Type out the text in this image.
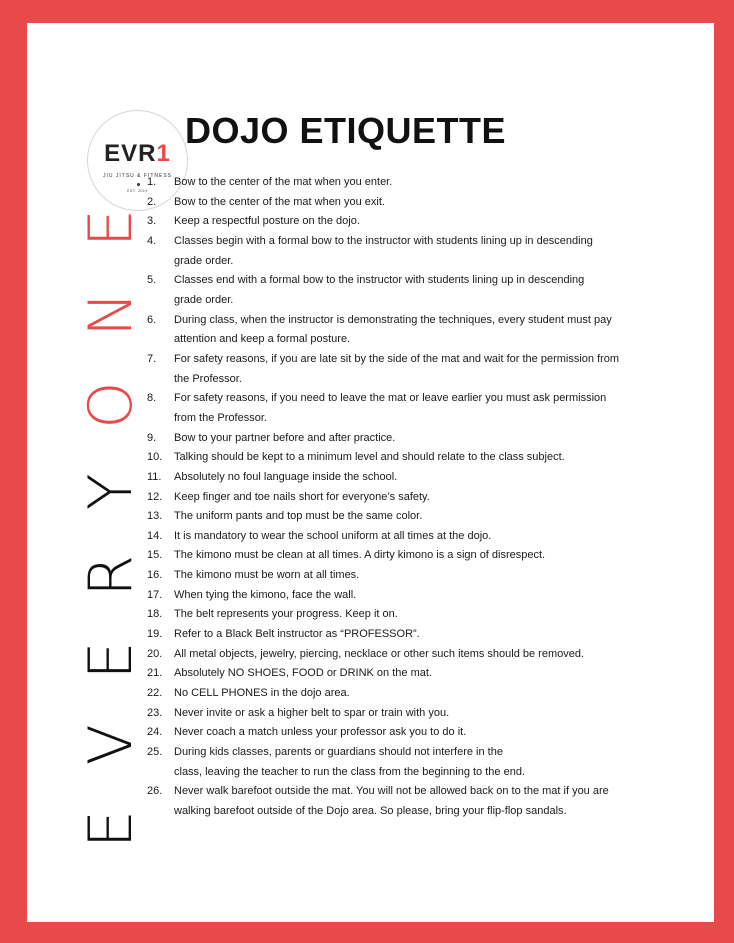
EVR1
JIU JITSU & FITNESS
EST. 2019
DOJO ETIQUETTE
E
V
E
R
Y
O
N
E
1.	Bow to the center of the mat when you enter.
2.	Bow to the center of the mat when you exit.
3.	Keep a respectful posture on the dojo.
4.	Classes begin with a formal bow to the instructor with students lining up in descending
grade order.
5.	Classes end with a formal bow to the instructor with students lining up in descending
grade order.
6.	During class, when the instructor is demonstrating the techniques, every student must pay
attention and keep a formal posture.
7.	For safety reasons, if you are late sit by the side of the mat and wait for the permission from
the Professor.
8.	For safety reasons, if you need to leave the mat or leave earlier you must ask permission
from the Professor.
9.	Bow to your partner before and after practice.
10.	Talking should be kept to a minimum level and should relate to the class subject.
11.	Absolutely no foul language inside the school.
12.	Keep finger and toe nails short for everyone’s safety.
13.	The uniform pants and top must be the same color.
14.	It is mandatory to wear the school uniform at all times at the dojo.
15.	The kimono must be clean at all times. A dirty kimono is a sign of disrespect.
16.	The kimono must be worn at all times.
17.	When tying the kimono, face the wall.
18.	The belt represents your progress. Keep it on.
19.	Refer to a Black Belt instructor as “PROFESSOR”.
20.	All metal objects, jewelry, piercing, necklace or other such items should be removed.
21.	Absolutely NO SHOES, FOOD or DRINK on the mat.
22.	No CELL PHONES in the dojo area.
23.	Never invite or ask a higher belt to spar or train with you.
24.	Never coach a match unless your professor ask you to do it.
25.	During kids classes, parents or guardians should not interfere in the
class, leaving the teacher to run the class from the beginning to the end.
26.	Never walk barefoot outside the mat. You will not be allowed back on to the mat if you are
walking barefoot outside of the Dojo area. So please, bring your flip-flop sandals.
